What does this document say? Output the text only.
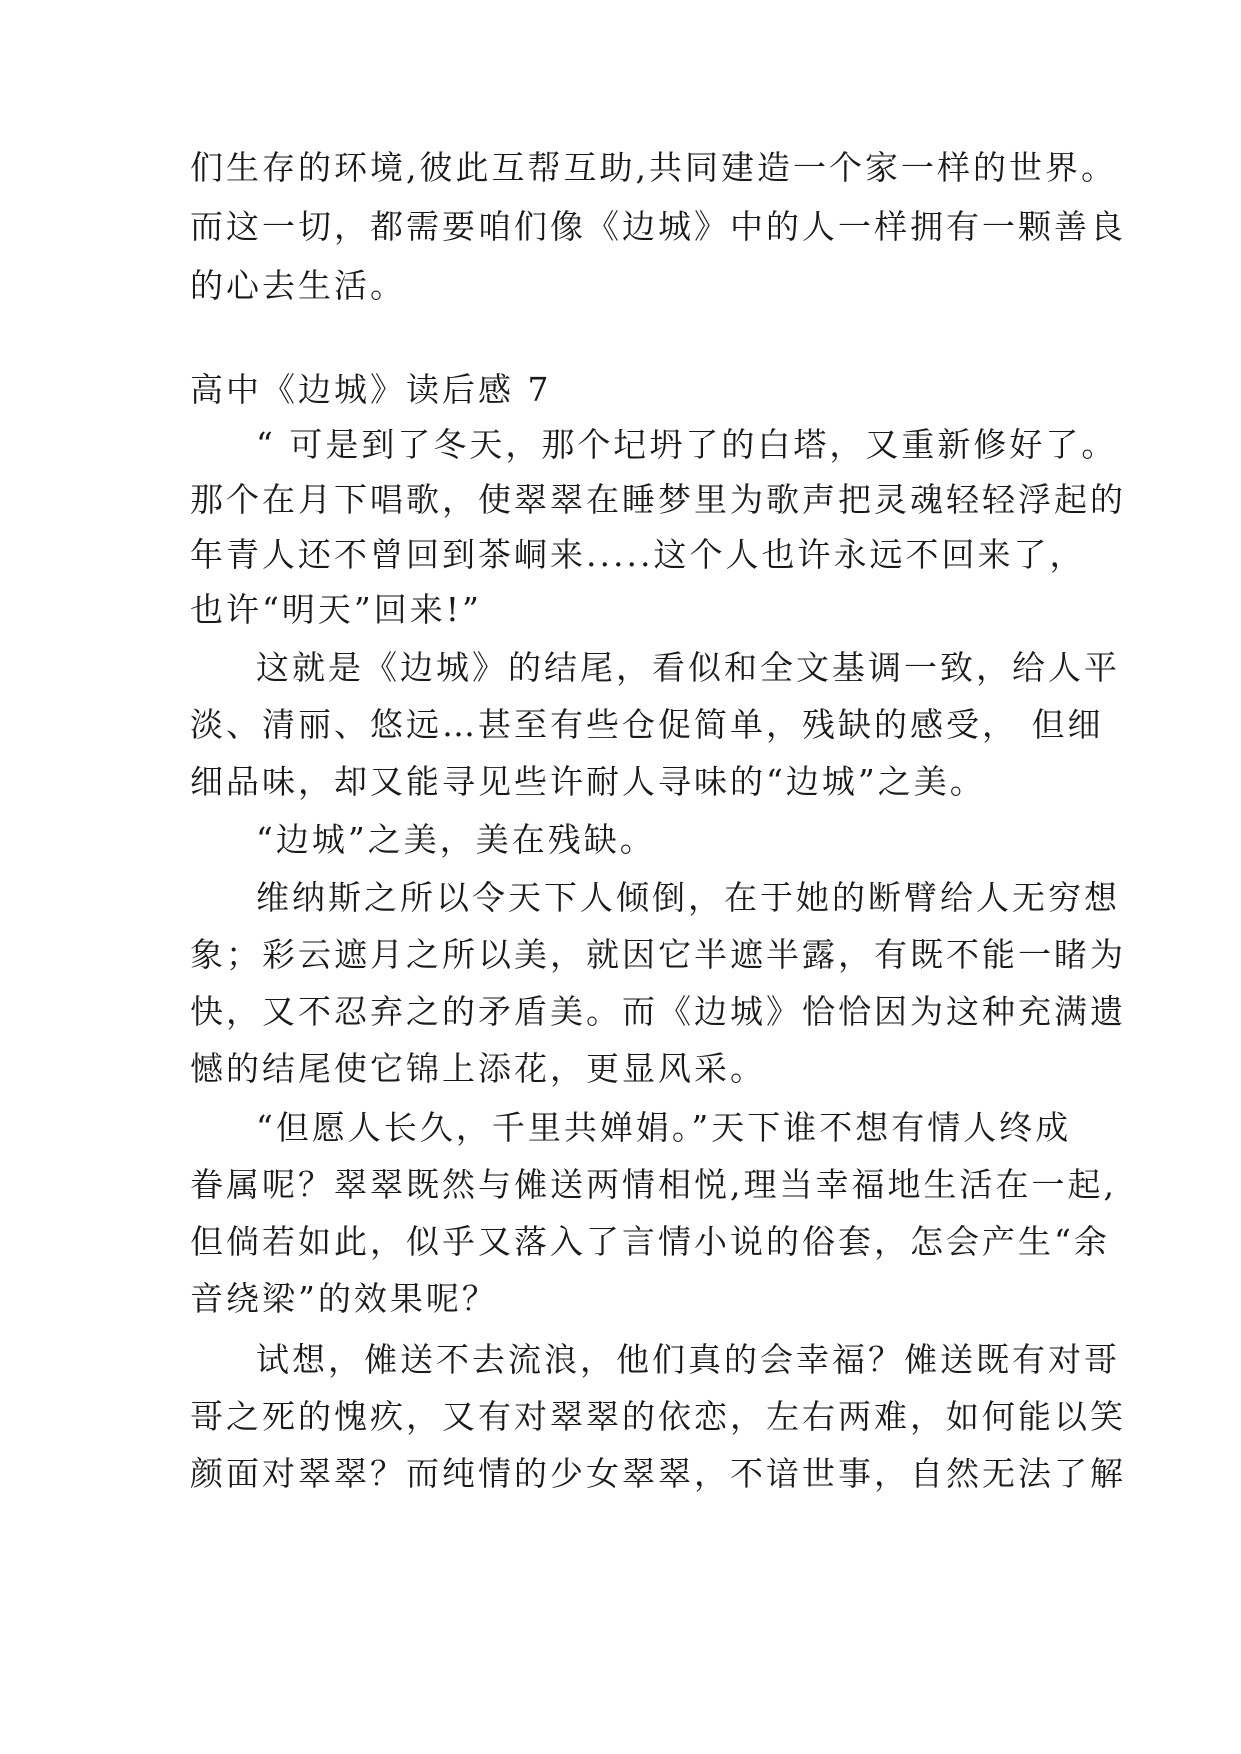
们生存的环境,彼此互帮互助,共同建造一个家一样的世界。
而这一切，都需要咱们像《边城》中的人一样拥有一颗善良
的心去生活。
高中《边城》读后感 7
“ 可是到了冬天，那个圮坍了的白塔，又重新修好了。
那个在月下唱歌，使翠翠在睡梦里为歌声把灵魂轻轻浮起的
年青人还不曾回到茶峒来.....这个人也许永远不回来了，
也许“明天”回来!”
这就是《边城》的结尾，看似和全文基调一致，给人平
淡、清丽、悠远…甚至有些仓促简单，残缺的感受， 但细
细品味，却又能寻见些许耐人寻味的“边城”之美。
“边城”之美，美在残缺。
维纳斯之所以令天下人倾倒，在于她的断臂给人无穷想
象；彩云遮月之所以美，就因它半遮半露，有既不能一睹为
快，又不忍弃之的矛盾美。而《边城》恰恰因为这种充满遗
憾的结尾使它锦上添花，更显风采。
“但愿人长久，千里共婵娟。”天下谁不想有情人终成
眷属呢？翠翠既然与傩送两情相悦,理当幸福地生活在一起,
但倘若如此，似乎又落入了言情小说的俗套，怎会产生“余
音绕梁”的效果呢？
试想，傩送不去流浪，他们真的会幸福？傩送既有对哥
哥之死的愧疚，又有对翠翠的依恋，左右两难，如何能以笑
颜面对翠翠？而纯情的少女翠翠，不谙世事，自然无法了解
